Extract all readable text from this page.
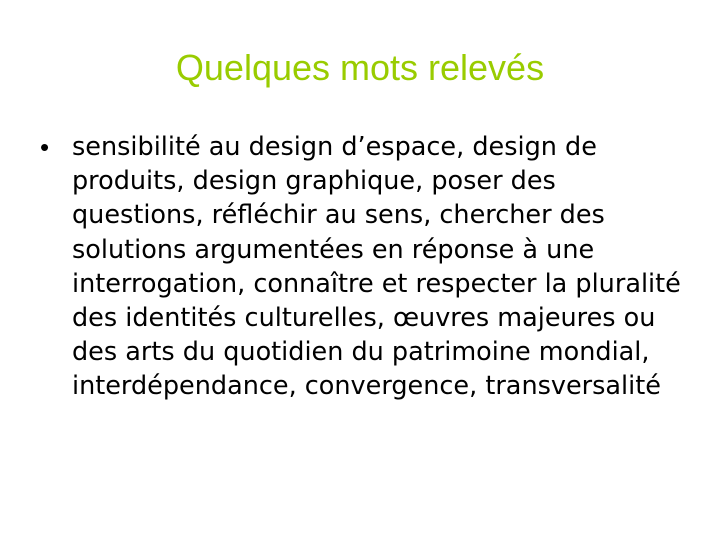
Quelques mots relevés
• sensibilité au design d’espace, design de produits, design graphique, poser des questions, réfléchir au sens, chercher des solutions argumentées en réponse à une interrogation, connaître et respecter la pluralité des identités culturelles, œuvres majeures ou des arts du quotidien du patrimoine mondial, interdépendance, convergence, transversalité
